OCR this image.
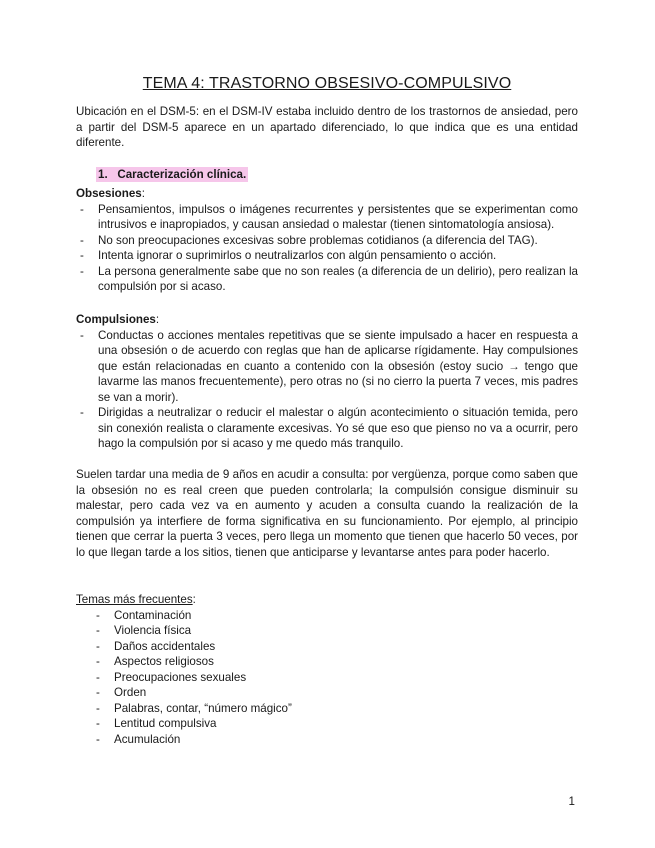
TEMA 4: TRASTORNO OBSESIVO-COMPULSIVO
Ubicación en el DSM-5: en el DSM-IV estaba incluido dentro de los trastornos de ansiedad, pero a partir del DSM-5 aparece en un apartado diferenciado, lo que indica que es una entidad diferente.
1. Caracterización clínica.
Obsesiones:
- Pensamientos, impulsos o imágenes recurrentes y persistentes que se experimentan como intrusivos e inapropiados, y causan ansiedad o malestar (tienen sintomatología ansiosa).
- No son preocupaciones excesivas sobre problemas cotidianos (a diferencia del TAG).
- Intenta ignorar o suprimirlos o neutralizarlos con algún pensamiento o acción.
- La persona generalmente sabe que no son reales (a diferencia de un delirio), pero realizan la compulsión por si acaso.
Compulsiones:
- Conductas o acciones mentales repetitivas que se siente impulsado a hacer en respuesta a una obsesión o de acuerdo con reglas que han de aplicarse rígidamente. Hay compulsiones que están relacionadas en cuanto a contenido con la obsesión (estoy sucio → tengo que lavarme las manos frecuentemente), pero otras no (si no cierro la puerta 7 veces, mis padres se van a morir).
- Dirigidas a neutralizar o reducir el malestar o algún acontecimiento o situación temida, pero sin conexión realista o claramente excesivas. Yo sé que eso que pienso no va a ocurrir, pero hago la compulsión por si acaso y me quedo más tranquilo.
Suelen tardar una media de 9 años en acudir a consulta: por vergüenza, porque como saben que la obsesión no es real creen que pueden controlarla; la compulsión consigue disminuir su malestar, pero cada vez va en aumento y acuden a consulta cuando la realización de la compulsión ya interfiere de forma significativa en su funcionamiento. Por ejemplo, al principio tienen que cerrar la puerta 3 veces, pero llega un momento que tienen que hacerlo 50 veces, por lo que llegan tarde a los sitios, tienen que anticiparse y levantarse antes para poder hacerlo.
Temas más frecuentes:
- Contaminación
- Violencia física
- Daños accidentales
- Aspectos religiosos
- Preocupaciones sexuales
- Orden
- Palabras, contar, “número mágico”
- Lentitud compulsiva
- Acumulación
1
